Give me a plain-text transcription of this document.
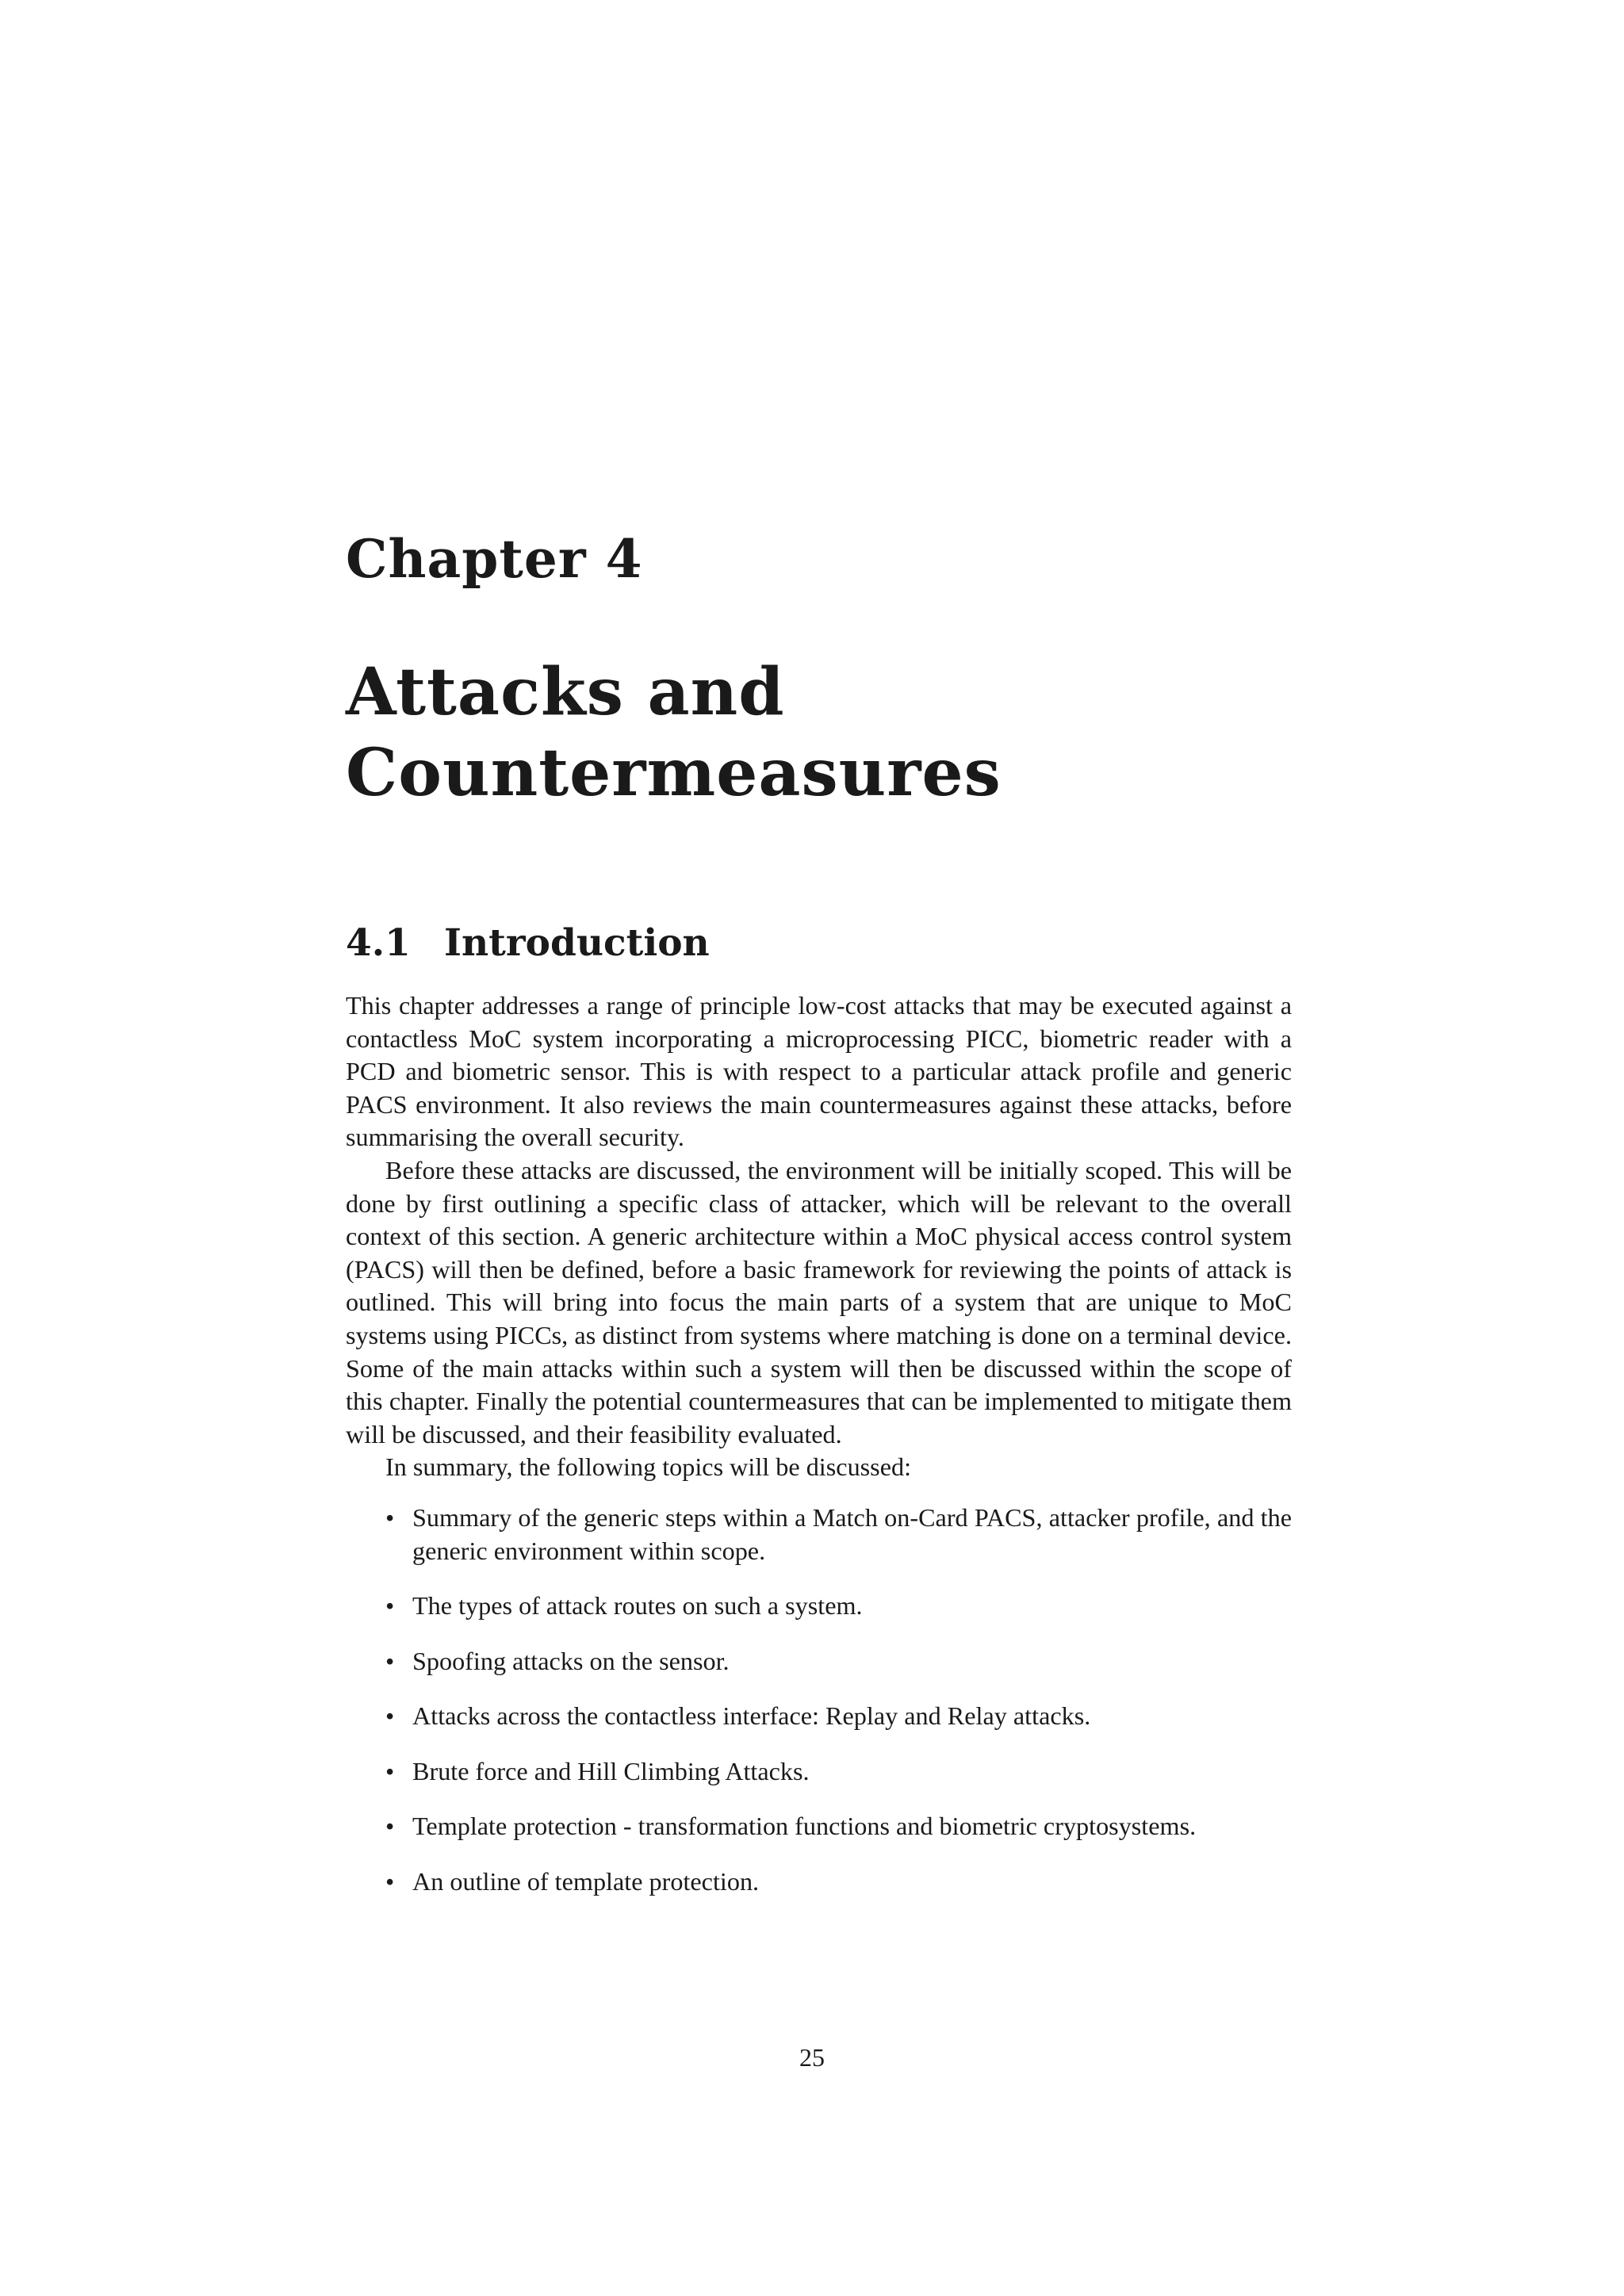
Chapter 4
Attacks and Countermeasures
4.1 Introduction

This chapter addresses a range of principle low-cost attacks that may be executed against a contactless MoC system incorporating a microprocessing PICC, biometric reader with a PCD and biometric sensor. This is with respect to a particular attack profile and generic PACS environment. It also reviews the main countermeasures against these attacks, before summarising the overall security.

Before these attacks are discussed, the environment will be initially scoped. This will be done by first outlining a specific class of attacker, which will be relevant to the overall context of this section. A generic architecture within a MoC physical access control system (PACS) will then be defined, before a basic framework for reviewing the points of attack is outlined. This will bring into focus the main parts of a system that are unique to MoC systems using PICCs, as distinct from systems where matching is done on a terminal device. Some of the main attacks within such a system will then be discussed within the scope of this chapter. Finally the potential countermeasures that can be implemented to mitigate them will be discussed, and their feasibility evaluated.

In summary, the following topics will be discussed:

• Summary of the generic steps within a Match on-Card PACS, attacker profile, and the generic environment within scope.
• The types of attack routes on such a system.
• Spoofing attacks on the sensor.
• Attacks across the contactless interface: Replay and Relay attacks.
• Brute force and Hill Climbing Attacks.
• Template protection - transformation functions and biometric cryptosystems.
• An outline of template protection.
25
